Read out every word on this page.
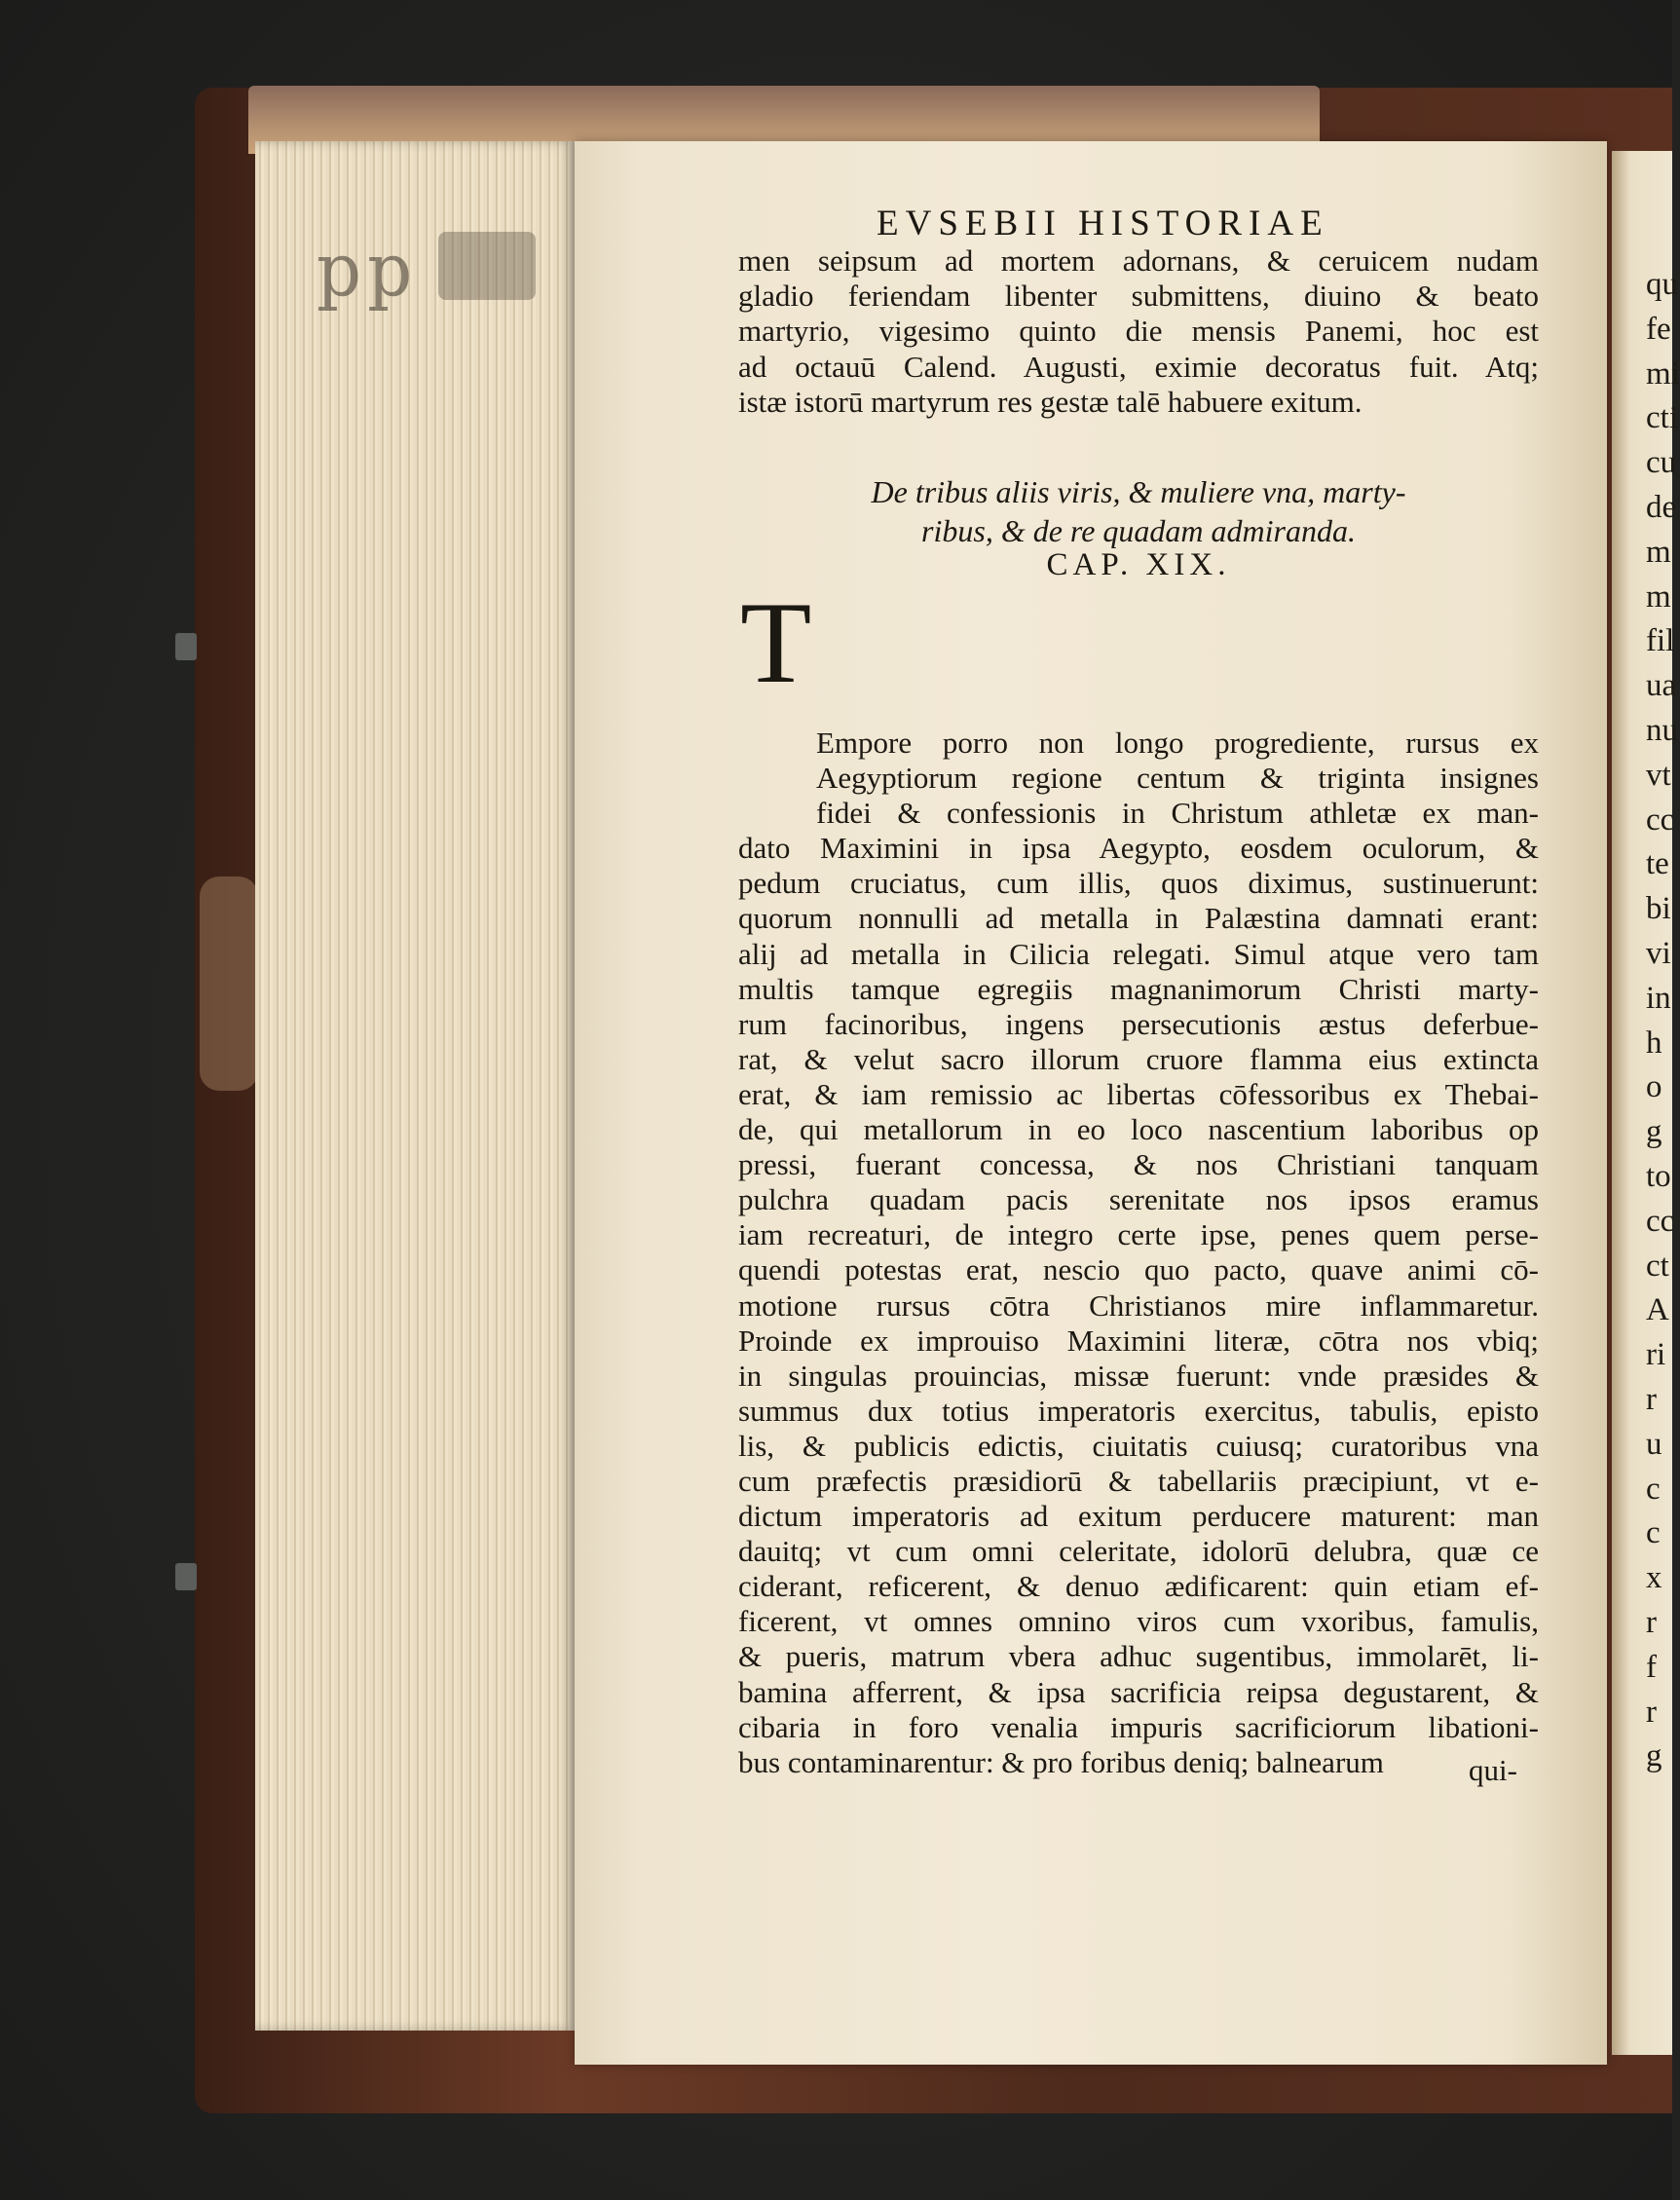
pp	qu
fe
mi
cti
cu
de
m
m
fil
ua
nu
vt
cc
te
bi
vi
in
h
o
g
to
cc
ct
A
ri
r
u
c
c
x
r
f
r
g
EVSEBII HISTORIAE
men seipsum ad mortem adornans, & ceruicem nudam
gladio feriendam libenter submittens, diuino & beato
martyrio, vigesimo quinto die mensis Panemi, hoc est
ad octauū Calend. Augusti, eximie decoratus fuit. Atq;
istæ istorū martyrum res gestæ talē habuere exitum.
De tribus aliis viris, & muliere vna, marty-
ribus, & de re quadam admiranda.
CAP. XIX.
T
Empore porro non longo progrediente, rursus ex
Aegyptiorum regione centum & triginta insignes
fidei & confessionis in Christum athletæ ex man-
dato Maximini in ipsa Aegypto, eosdem oculorum, &
pedum cruciatus, cum illis, quos diximus, sustinuerunt:
quorum nonnulli ad metalla in Palæstina damnati erant:
alij ad metalla in Cilicia relegati. Simul atque vero tam
multis tamque egregiis magnanimorum Christi marty-
rum facinoribus, ingens persecutionis æstus deferbue-
rat, & velut sacro illorum cruore flamma eius extincta
erat, & iam remissio ac libertas cōfessoribus ex Thebai-
de, qui metallorum in eo loco nascentium laboribus op
pressi, fuerant concessa, & nos Christiani tanquam
pulchra quadam pacis serenitate nos ipsos eramus
iam recreaturi, de integro certe ipse, penes quem perse-
quendi potestas erat, nescio quo pacto, quave animi cō-
motione rursus cōtra Christianos mire inflammaretur.
Proinde ex improuiso Maximini literæ, cōtra nos vbiq;
in singulas prouincias, missæ fuerunt: vnde præsides &
summus dux totius imperatoris exercitus, tabulis, episto
lis, & publicis edictis, ciuitatis cuiusq; curatoribus vna
cum præfectis præsidiorū & tabellariis præcipiunt, vt e-
dictum imperatoris ad exitum perducere maturent: man
dauitq; vt cum omni celeritate, idolorū delubra, quæ ce
ciderant, reficerent, & denuo ædificarent: quin etiam ef-
ficerent, vt omnes omnino viros cum vxoribus, famulis,
& pueris, matrum vbera adhuc sugentibus, immolarēt, li-
bamina afferrent, & ipsa sacrificia reipsa degustarent, &
cibaria in foro venalia impuris sacrificiorum libationi-
bus contaminarentur: & pro foribus deniq; balnearum	qui-
